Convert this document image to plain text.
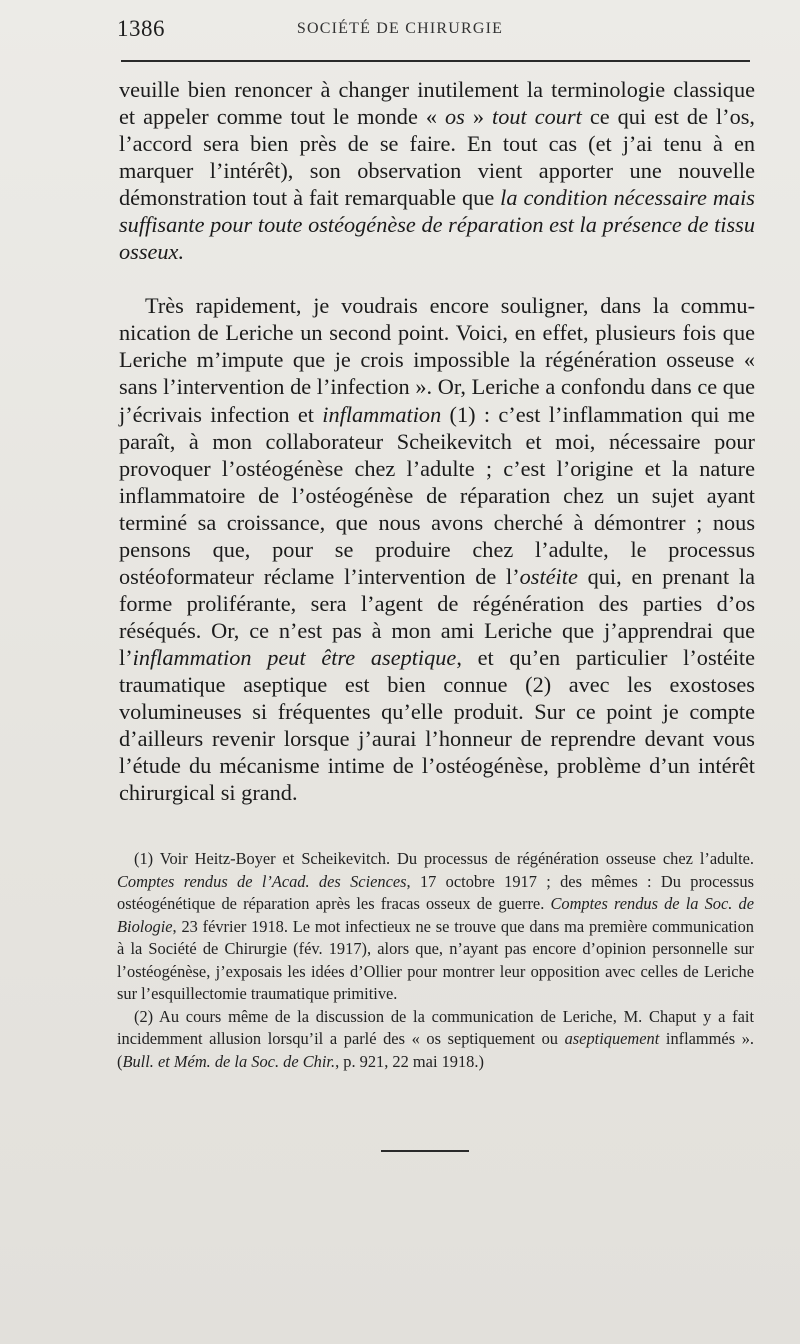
1386	SOCIÉTÉ DE CHIRURGIE

veuille bien renoncer à changer inutilement la terminologie classique et appeler comme tout le monde « os » tout court ce qui est de l’os, l’accord sera bien près de se faire. En tout cas (et j’ai tenu à en marquer l’intérêt), son observation vient apporter une nouvelle démonstration tout à fait remarquable que la condition nécessaire mais suffisante pour toute ostéogénèse de réparation est la présence de tissu osseux.

Très rapidement, je voudrais encore souligner, dans la communication de Leriche un second point. Voici, en effet, plusieurs fois que Leriche m’impute que je crois impossible la régénération osseuse « sans l’intervention de l’infection ». Or, Leriche a confondu dans ce que j’écrivais infection et inflammation (1) : c’est l’inflammation qui me paraît, à mon collaborateur Scheikevitch et moi, nécessaire pour provoquer l’ostéogénèse chez l’adulte ; c’est l’origine et la nature inflammatoire de l’ostéogénèse de réparation chez un sujet ayant terminé sa croissance, que nous avons cherché à démontrer ; nous pensons que, pour se produire chez l’adulte, le processus ostéoformateur réclame l’intervention de l’ostéite qui, en prenant la forme proliférante, sera l’agent de régénération des parties d’os réséqués. Or, ce n’est pas à mon ami Leriche que j’apprendrai que l’inflammation peut être aseptique, et qu’en particulier l’ostéite traumatique aseptique est bien connue (2) avec les exostoses volumineuses si fréquentes qu’elle produit. Sur ce point je compte d’ailleurs revenir lorsque j’aurai l’honneur de reprendre devant vous l’étude du mécanisme intime de l’ostéogénèse, problème d’un intérêt chirurgical si grand.

(1) Voir Heitz-Boyer et Scheikevitch. Du processus de régénération osseuse chez l’adulte. Comptes rendus de l’Acad. des Sciences, 17 octobre 1917 ; des mêmes : Du processus ostéogénétique de réparation après les fracas osseux de guerre. Comptes rendus de la Soc. de Biologie, 23 février 1918. Le mot infectieux ne se trouve que dans ma première communication à la Société de Chirurgie (fév. 1917), alors que, n’ayant pas encore d’opinion personnelle sur l’ostéogénèse, j’exposais les idées d’Ollier pour montrer leur opposition avec celles de Leriche sur l’esquillectomie traumatique primitive.

(2) Au cours même de la discussion de la communication de Leriche, M. Chaput y a fait incidemment allusion lorsqu’il a parlé des « os septiquement ou aseptiquement inflammés ». (Bull. et Mém. de la Soc. de Chir., p. 921, 22 mai 1918.)
